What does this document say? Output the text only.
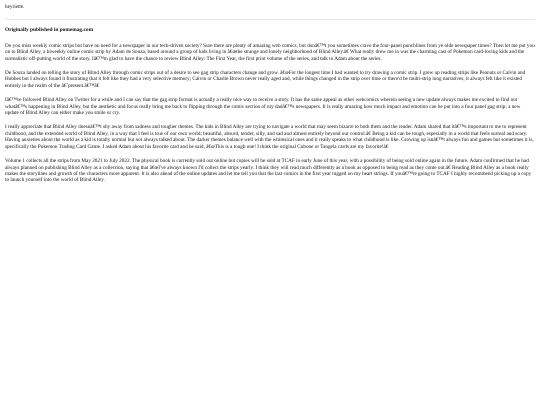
heyriette.
Originally published in pomemag.com

Do you miss weekly comic strips but have no need for a newspaper in our tech-driven society? Sure there are plenty of amazing web comics, but donâ€™t you sometimes crave the four-panel punchlines from ye olde newspaper times? Then let me put you on to Blind Alley, a biweekly online comic strip by Adam de Souza, based around a group of kids living in â€œthe strange and lonely neighborhood of Blind Alley.â€ What really drew me in was the charming cast of Pokemon card-loving kids and the surrealistic off-putting world of the story. Iâ€™m glad to have the chance to review Blind Alley: The First Year, the first print volume of the series, and talk to Adam about the series.

De Souza landed on telling the story of Blind Alley through comic strips out of a desire to see gag strip characters change and grow. â€œFor the longest time I had wanted to try drawing a comic strip. I grew up reading strips like Peanuts or Calvin and Hobbes but I always found it frustrating that it felt like they had a very selective memory; Calvin or Charlie Brown never really aged and, while things changed in the strip over time or there'd be multi-strip long narratives, it always felt like it existed entirely in the realm of the â€˜present.â€™â€

Iâ€™ve followed Blind Alley on Twitter for a while and I can say that the gag strip format is actually a really nice way to receive a story. It has the same appeal as other webcomics wherein seeing a new update always makes me excited to find out whatâ€™s happening in Blind Alley, but the aesthetic and focus really bring me back to flipping through the comic section of my dadâ€™s newspapers. It is really amazing how much impact and emotion can be put into a four panel gag strip; a new update of Blind Alley can either make you smile or cry.

I really appreciate that Blind Alley doesnâ€™t shy away from sadness and tougher themes. The kids in Blind Alley are trying to navigate a world that may seem bizarre to both them and the reader. Adam shared that itâ€™s important to me to represent childhood, and the extended world of Blind Alley, in a way that I feel is true of our own world; beautiful, absurd, tender, silly, and sad and almost entirely beyond our control.â€ Being a kid can be tough, especially in a world that feels surreal and scary. Having anxieties about the world as a kid is totally normal but not always talked about. The darker themes balance well with the whimsical ones and it really speaks to what childhood is like. Growing up isnâ€™t always fun and games but sometimes it is, specifically the Pokemon Trading Card Game. I asked Adam about his favorite card and he said, â€œThis is a tough one! I think the original Cubone or Tangela cards are my favorite!â€

Volume 1 collects all the strips from May 2021 to July 2022. The physical book is currently sold out online but copies will be sold at TCAF in early June of this year, with a possibility of being sold online again in the future. Adam confirmed that he had always planned on publishing Blind Alley as a collection, saying that â€œI've always known I'd collect the strips yearly. I think they will read much differently as a book as opposed to being read as they come out.â€ Reading Blind Alley as a book really makes the storylines and growth of the characters more apparent. It is also ahead of the online updates and let me tell you that the last comics in the first year tugged on my heart strings. If youâ€™re going to TCAF I highly recommend picking up a copy to launch yourself into the world of Blind Alley.
